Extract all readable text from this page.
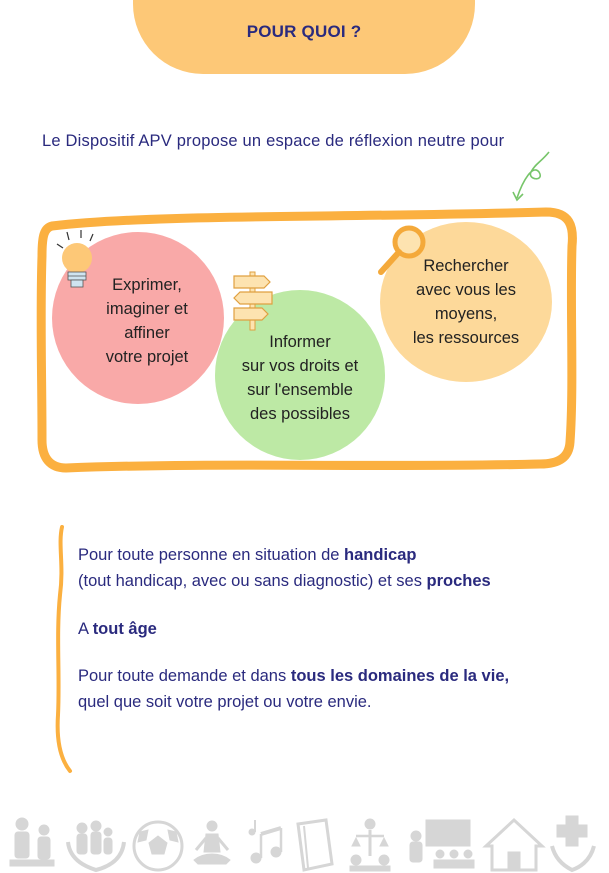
POUR QUOI ?
Le Dispositif APV propose un espace de réflexion neutre pour
Exprimer,
imaginer et
affiner
votre projet
Rechercher
avec vous les
moyens,
les ressources
Informer
sur vos droits et
sur l'ensemble
des possibles
Pour toute personne en situation de handicap
(tout handicap, avec ou sans diagnostic) et ses proches
A tout âge
Pour toute demande et dans tous les domaines de la vie,
quel que soit votre projet ou votre envie.
